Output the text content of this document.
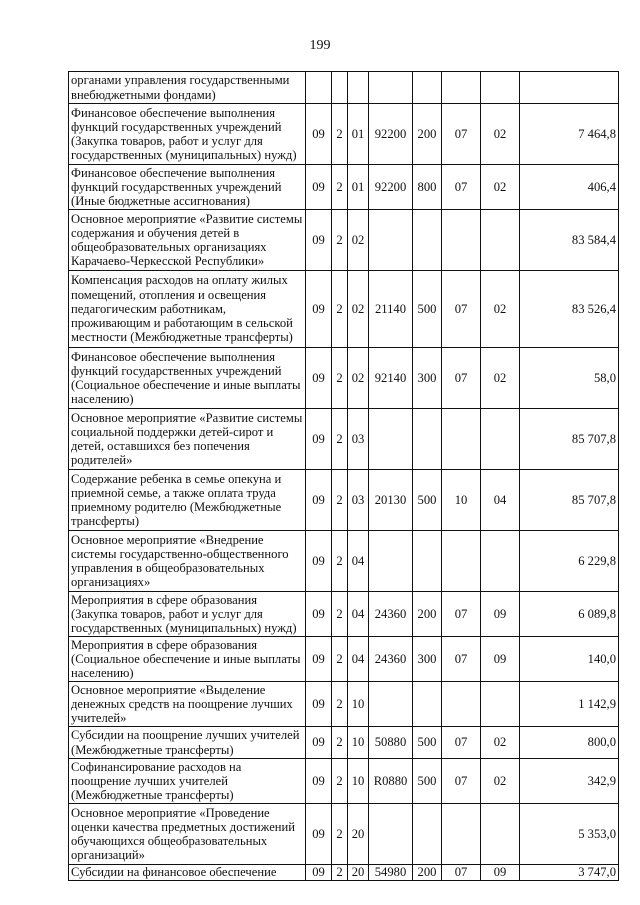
199
органами управления государственными внебюджетными фондами)								
Финансовое обеспечение выполнения функций государственных учреждений (Закупка товаров, работ и услуг для государственных (муниципальных) нужд)	09	2	01	92200	200	07	02	7 464,8
Финансовое обеспечение выполнения функций государственных учреждений (Иные бюджетные ассигнования)	09	2	01	92200	800	07	02	406,4
Основное мероприятие «Развитие системы содержания и обучения детей в общеобразовательных организациях Карачаево-Черкесской Республики»	09	2	02					83 584,4
Компенсация расходов на оплату жилых помещений, отопления и освещения педагогическим работникам, проживающим и работающим в сельской местности (Межбюджетные трансферты)	09	2	02	21140	500	07	02	83 526,4
Финансовое обеспечение выполнения функций государственных учреждений (Социальное обеспечение и иные выплаты населению)	09	2	02	92140	300	07	02	58,0
Основное мероприятие «Развитие системы социальной поддержки детей-сирот и детей, оставшихся без попечения родителей»	09	2	03					85 707,8
Содержание ребенка в семье опекуна и приемной семье, а также оплата труда приемному родителю (Межбюджетные трансферты)	09	2	03	20130	500	10	04	85 707,8
Основное мероприятие «Внедрение системы государственно-общественного управления в общеобразовательных организациях»	09	2	04					6 229,8
Мероприятия в сфере образования (Закупка товаров, работ и услуг для государственных (муниципальных) нужд)	09	2	04	24360	200	07	09	6 089,8
Мероприятия в сфере образования (Социальное обеспечение и иные выплаты населению)	09	2	04	24360	300	07	09	140,0
Основное мероприятие «Выделение денежных средств на поощрение лучших учителей»	09	2	10					1 142,9
Субсидии на поощрение лучших учителей (Межбюджетные трансферты)	09	2	10	50880	500	07	02	800,0
Софинансирование расходов на поощрение лучших учителей (Межбюджетные трансферты)	09	2	10	R0880	500	07	02	342,9
Основное мероприятие «Проведение оценки качества предметных достижений обучающихся общеобразовательных организаций»	09	2	20					5 353,0
Субсидии на финансовое обеспечение	09	2	20	54980	200	07	09	3 747,0
